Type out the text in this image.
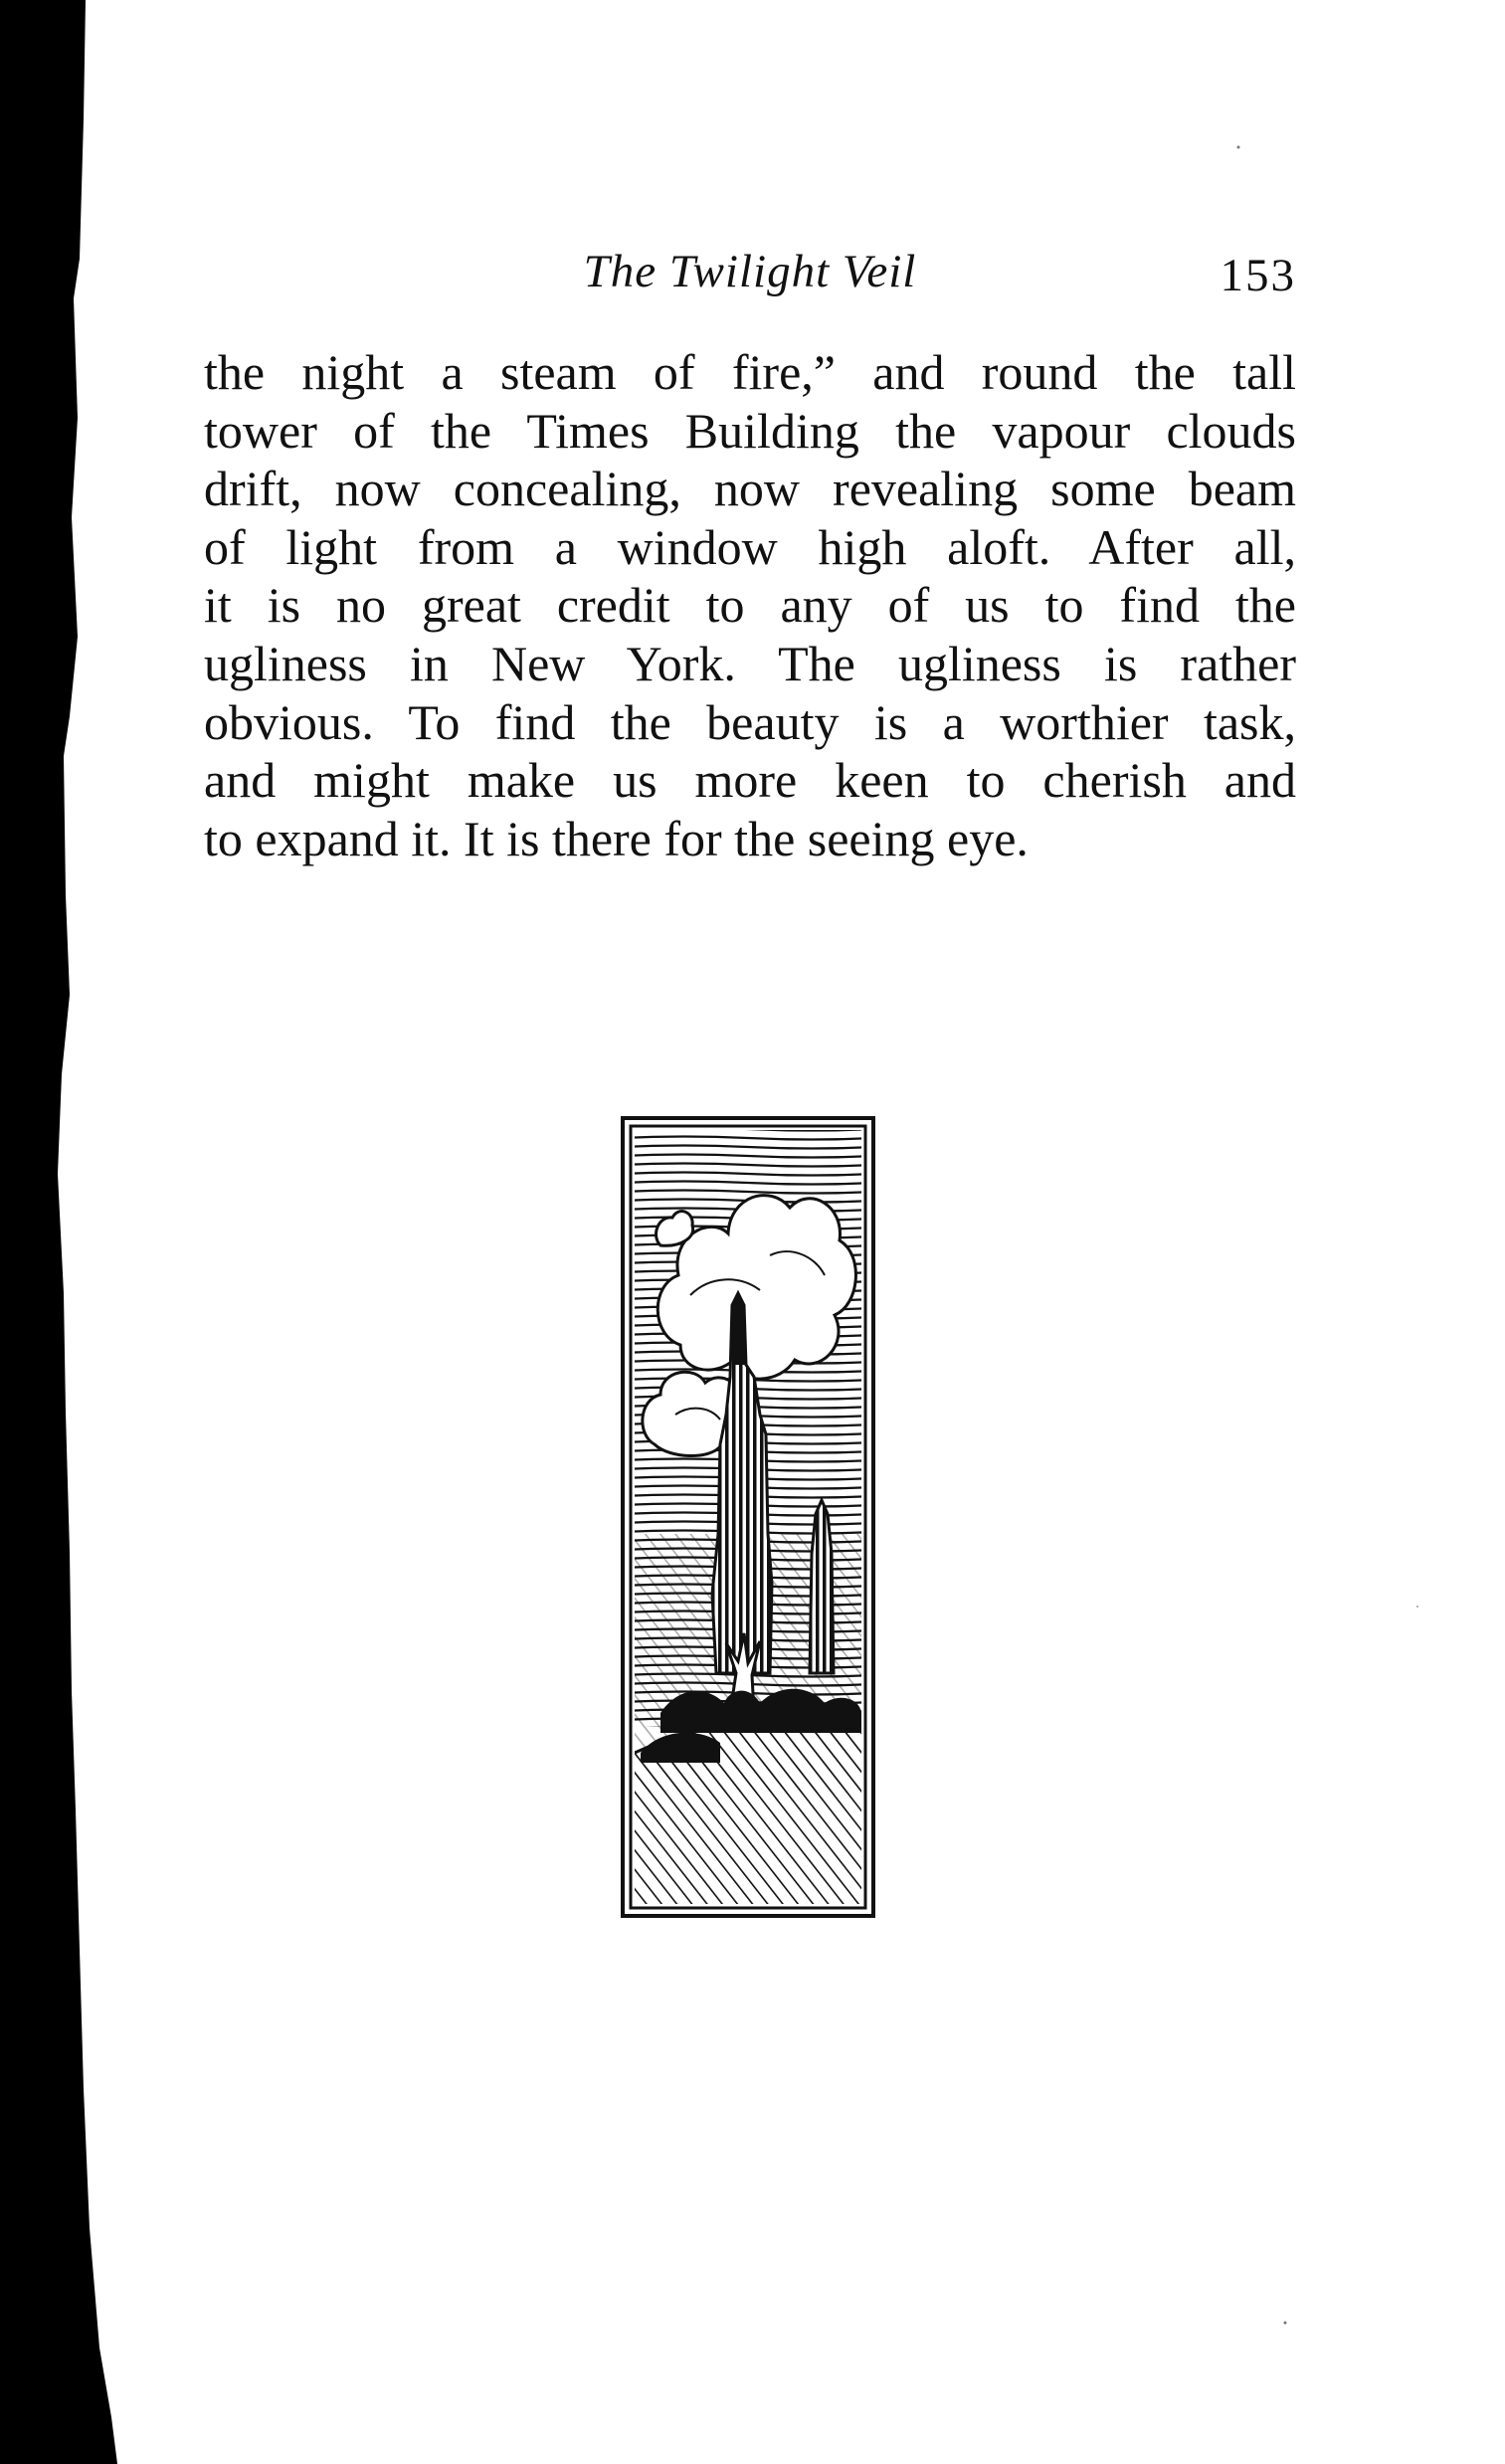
The Twilight Veil	153
the night a steam of fire,” and round the tall
tower of the Times Building the vapour clouds
drift, now concealing, now revealing some beam
of light from a window high aloft. After all,
it is no great credit to any of us to find the
ugliness in New York. The ugliness is rather
obvious. To find the beauty is a worthier task,
and might make us more keen to cherish and
to expand it. It is there for the seeing eye.
